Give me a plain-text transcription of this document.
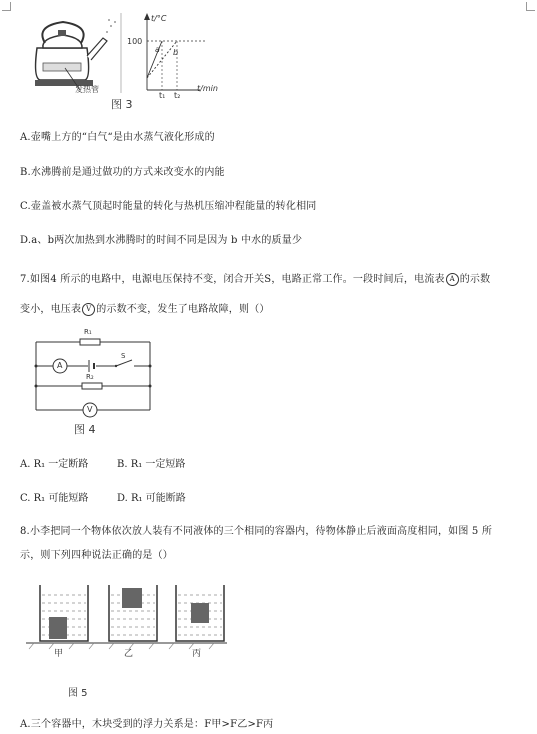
发热管
t/°C
100
a b
t₁ t₂
t/min
图 3
A.壶嘴上方的“白气“是由水蒸气液化形成的
B.水沸腾前是通过做功的方式来改变水的内能
C.壶盖被水蒸气顶起时能量的转化与热机压缩冲程能量的转化相同
D.a、b两次加热到水沸腾时的时间不同是因为 b 中水的质量少
7.如图4 所示的电路中，电源电压保持不变，闭合开关S，电路正常工作。一段时间后，电流表 A 的示数
变小，电压表 V 的示数不变，发生了电路故障，则（）
R₁
A
S
R₂
V
图 4
A. R₁ 一定断路	B. R₁ 一定短路
C. R₁ 可能短路	D. R₁ 可能断路
8.小李把同一个物体依次放人装有不同液体的三个相同的容器内，待物体静止后液面高度相同，如图 5 所
示，则下列四种说法正确的是（）
甲	乙	丙
图 5
A.三个容器中，木块受到的浮力关系是：F甲>F乙>F丙
